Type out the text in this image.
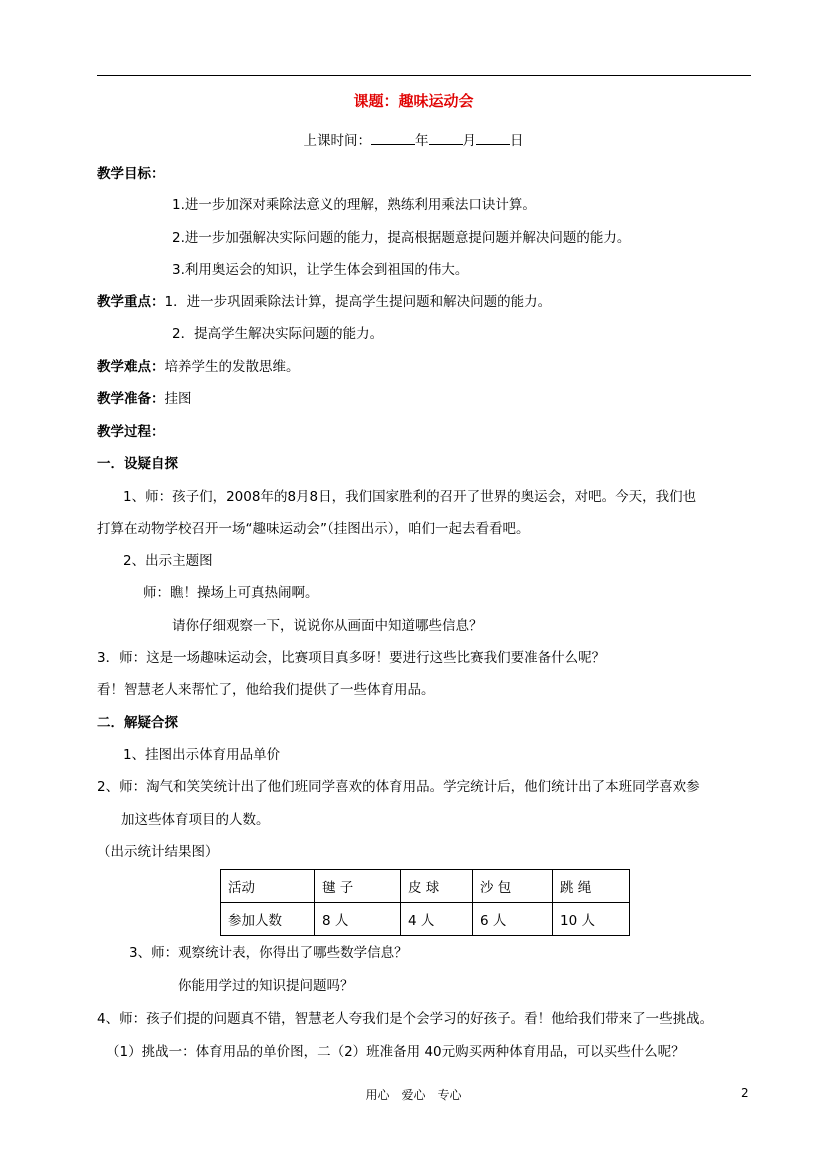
课题：趣味运动会
上课时间：	年	月	日
教学目标：
1.进一步加深对乘除法意义的理解，熟练利用乘法口诀计算。
2.进一步加强解决实际问题的能力，提高根据题意提问题并解决问题的能力。
3.利用奥运会的知识，让学生体会到祖国的伟大。
教学重点：1．进一步巩固乘除法计算，提高学生提问题和解决问题的能力。
2．提高学生解决实际问题的能力。
教学难点：培养学生的发散思维。
教学准备：挂图
教学过程：
一．设疑自探
1、师：孩子们，2008年的8月8日，我们国家胜利的召开了世界的奥运会，对吧。今天，我们也
打算在动物学校召开一场“趣味运动会”（挂图出示），咱们一起去看看吧。
2、出示主题图
师：瞧！操场上可真热闹啊。
请你仔细观察一下，说说你从画面中知道哪些信息？
3．师：这是一场趣味运动会，比赛项目真多呀！要进行这些比赛我们要准备什么呢？
看！智慧老人来帮忙了，他给我们提供了一些体育用品。
二．解疑合探
1、挂图出示体育用品单价
2、师：淘气和笑笑统计出了他们班同学喜欢的体育用品。学完统计后，他们统计出了本班同学喜欢参
加这些体育项目的人数。
（出示统计结果图）
活动	毽 子	皮 球	沙 包	跳 绳
参加人数	8 人	4 人	6 人	10 人
3、师：观察统计表，你得出了哪些数学信息？
你能用学过的知识提问题吗？
4、师：孩子们提的问题真不错，智慧老人夸我们是个会学习的好孩子。看！他给我们带来了一些挑战。
（1）挑战一：体育用品的单价图，二（2）班准备用 40元购买两种体育用品，可以买些什么呢？
用心　爱心　专心	2
